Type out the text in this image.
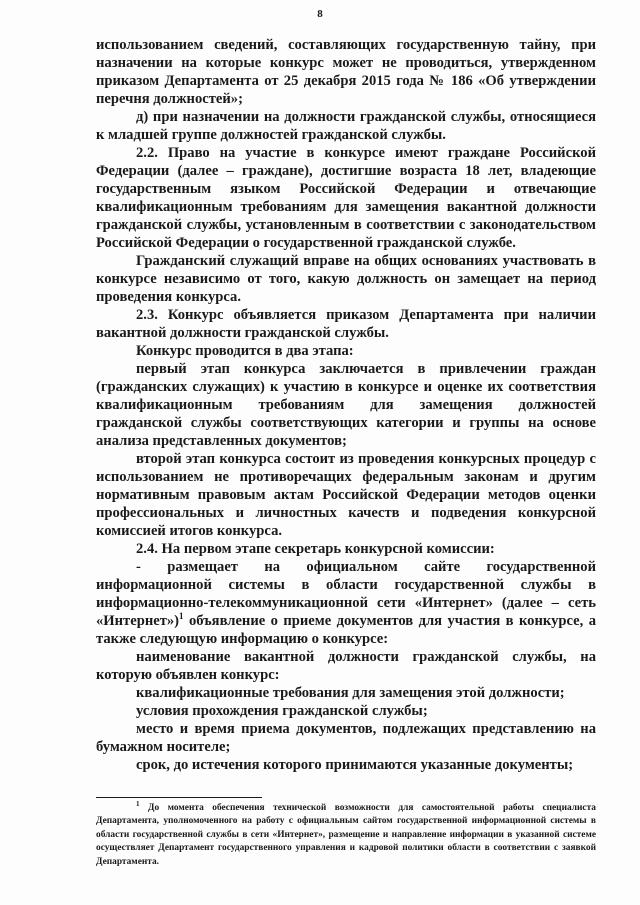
8

использованием сведений, составляющих государственную тайну, при назначении на которые конкурс может не проводиться, утвержденном приказом Департамента от 25 декабря 2015 года № 186 «Об утверждении перечня должностей»;

д) при назначении на должности гражданской службы, относящиеся к младшей группе должностей гражданской службы.

2.2. Право на участие в конкурсе имеют граждане Российской Федерации (далее – граждане), достигшие возраста 18 лет, владеющие государственным языком Российской Федерации и отвечающие квалификационным требованиям для замещения вакантной должности гражданской службы, установленным в соответствии с законодательством Российской Федерации о государственной гражданской службе.

Гражданский служащий вправе на общих основаниях участвовать в конкурсе независимо от того, какую должность он замещает на период проведения конкурса.

2.3. Конкурс объявляется приказом Департамента при наличии вакантной должности гражданской службы.

Конкурс проводится в два этапа:

первый этап конкурса заключается в привлечении граждан (гражданских служащих) к участию в конкурсе и оценке их соответствия квалификационным требованиям для замещения должностей гражданской службы соответствующих категории и группы на основе анализа представленных документов;

второй этап конкурса состоит из проведения конкурсных процедур с использованием не противоречащих федеральным законам и другим нормативным правовым актам Российской Федерации методов оценки профессиональных и личностных качеств и подведения конкурсной комиссией итогов конкурса.

2.4. На первом этапе секретарь конкурсной комиссии:

- размещает на официальном сайте государственной информационной системы в области государственной службы в информационно-телекоммуникационной сети «Интернет» (далее – сеть «Интернет»)$^1$ объявление о приеме документов для участия в конкурсе, а также следующую информацию о конкурсе:

наименование вакантной должности гражданской службы, на которую объявлен конкурс:

квалификационные требования для замещения этой должности;

условия прохождения гражданской службы;

место и время приема документов, подлежащих представлению на бумажном носителе;

срок, до истечения которого принимаются указанные документы;

$^1$ До момента обеспечения технической возможности для самостоятельной работы специалиста Департамента, уполномоченного на работу с официальным сайтом государственной информационной системы в области государственной службы в сети «Интернет», размещение и направление информации в указанной системе осуществляет Департамент государственного управления и кадровой политики области в соответствии с заявкой Департамента.
